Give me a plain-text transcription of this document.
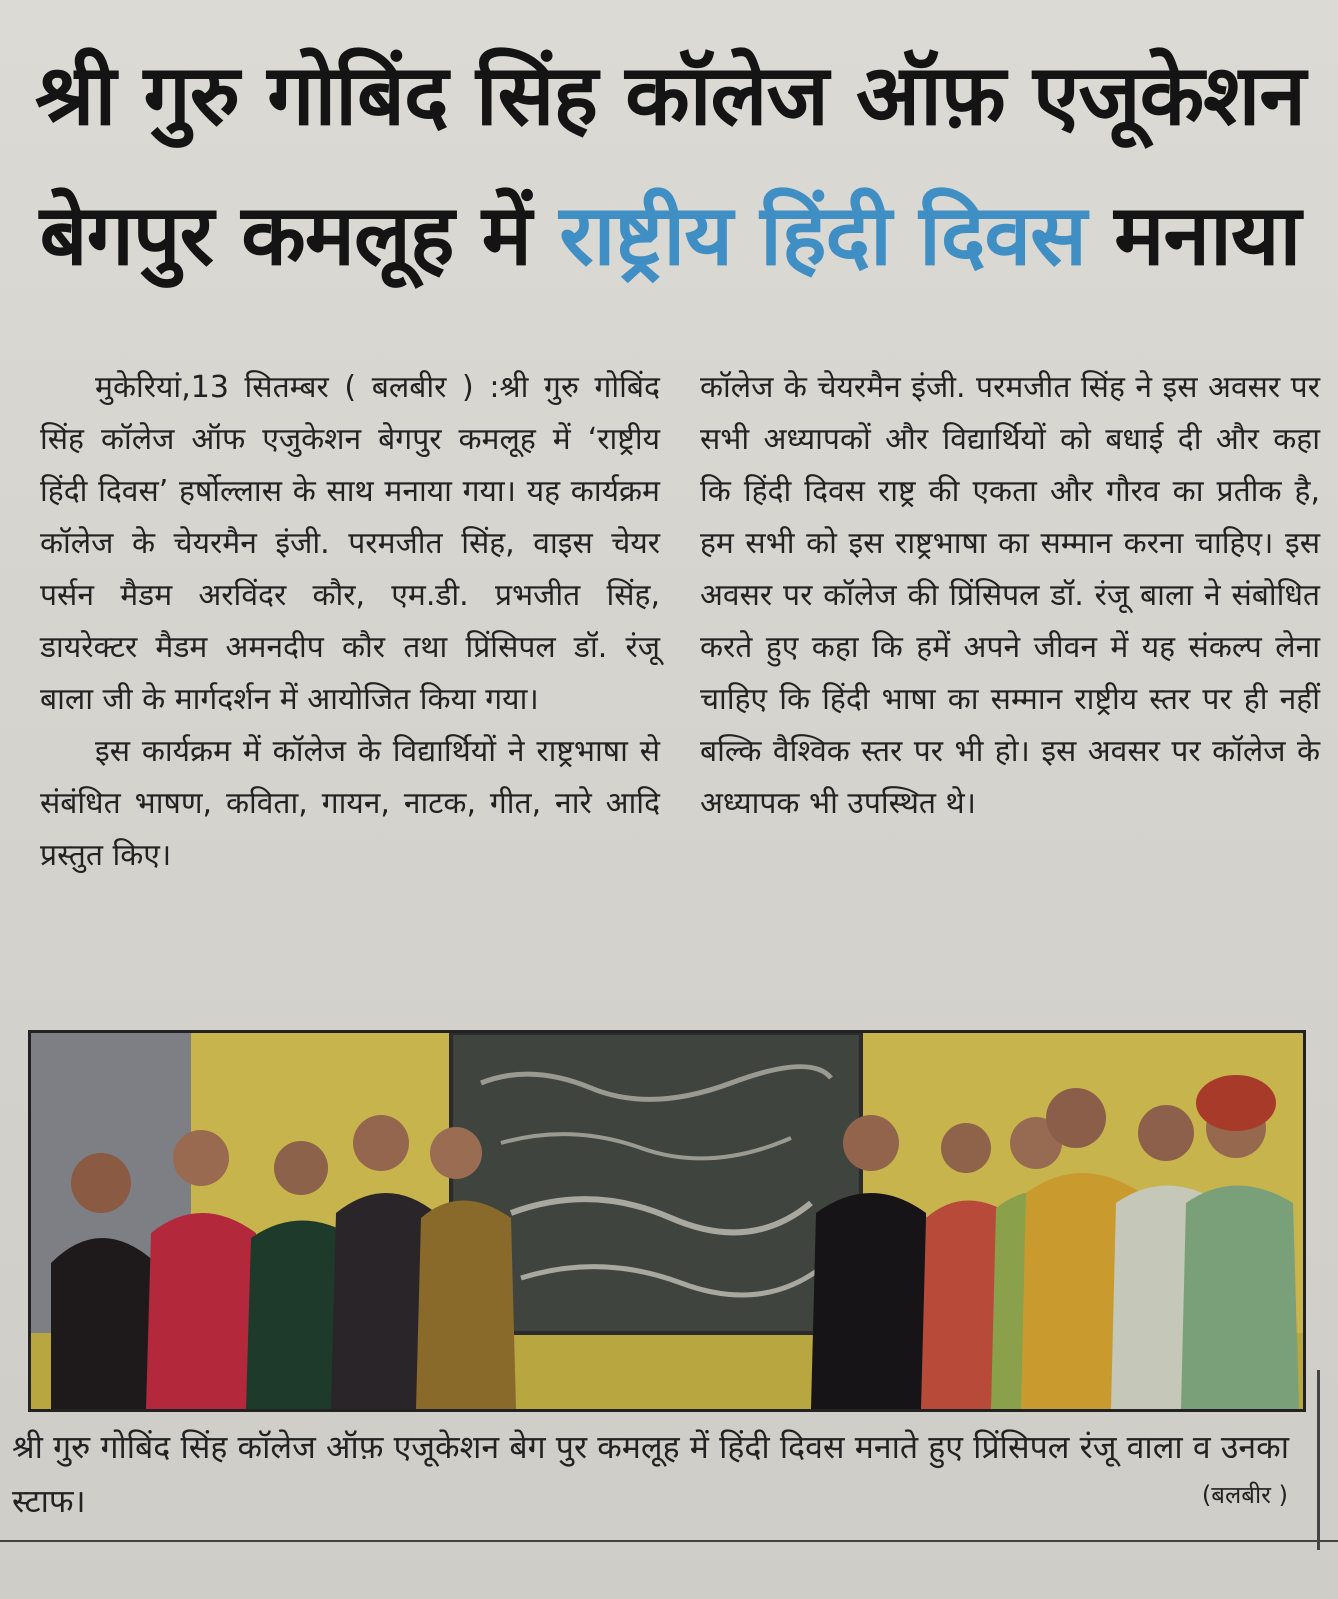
श्री गुरु गोबिंद सिंह कॉलेज ऑफ़ एजूकेशन
बेगपुर कमलूह में राष्ट्रीय हिंदी दिवस मनाया

मुकेरियां,13 सितम्बर ( बलबीर ) :श्री गुरु गोबिंद सिंह कॉलेज ऑफ एजुकेशन बेगपुर कमलूह में ‘राष्ट्रीय हिंदी दिवस’ हर्षोल्लास के साथ मनाया गया। यह कार्यक्रम कॉलेज के चेयरमैन इंजी. परमजीत सिंह, वाइस चेयर पर्सन मैडम अरविंदर कौर, एम.डी. प्रभजीत सिंह, डायरेक्टर मैडम अमनदीप कौर तथा प्रिंसिपल डॉ. रंजू बाला जी के मार्गदर्शन में आयोजित किया गया।

इस कार्यक्रम में कॉलेज के विद्यार्थियों ने राष्ट्रभाषा से संबंधित भाषण, कविता, गायन, नाटक, गीत, नारे आदि प्रस्तुत किए।

कॉलेज के चेयरमैन इंजी. परमजीत सिंह ने इस अवसर पर सभी अध्यापकों और विद्यार्थियों को बधाई दी और कहा कि हिंदी दिवस राष्ट्र की एकता और गौरव का प्रतीक है, हम सभी को इस राष्ट्रभाषा का सम्मान करना चाहिए। इस अवसर पर कॉलेज की प्रिंसिपल डॉ. रंजू बाला ने संबोधित करते हुए कहा कि हमें अपने जीवन में यह संकल्प लेना चाहिए कि हिंदी भाषा का सम्मान राष्ट्रीय स्तर पर ही नहीं बल्कि वैश्विक स्तर पर भी हो। इस अवसर पर कॉलेज के अध्यापक भी उपस्थित थे।

श्री गुरु गोबिंद सिंह कॉलेज ऑफ़ एजूकेशन बेग पुर कमलूह में हिंदी दिवस मनाते हुए प्रिंसिपल रंजू वाला व उनका स्टाफ।	(बलबीर )
